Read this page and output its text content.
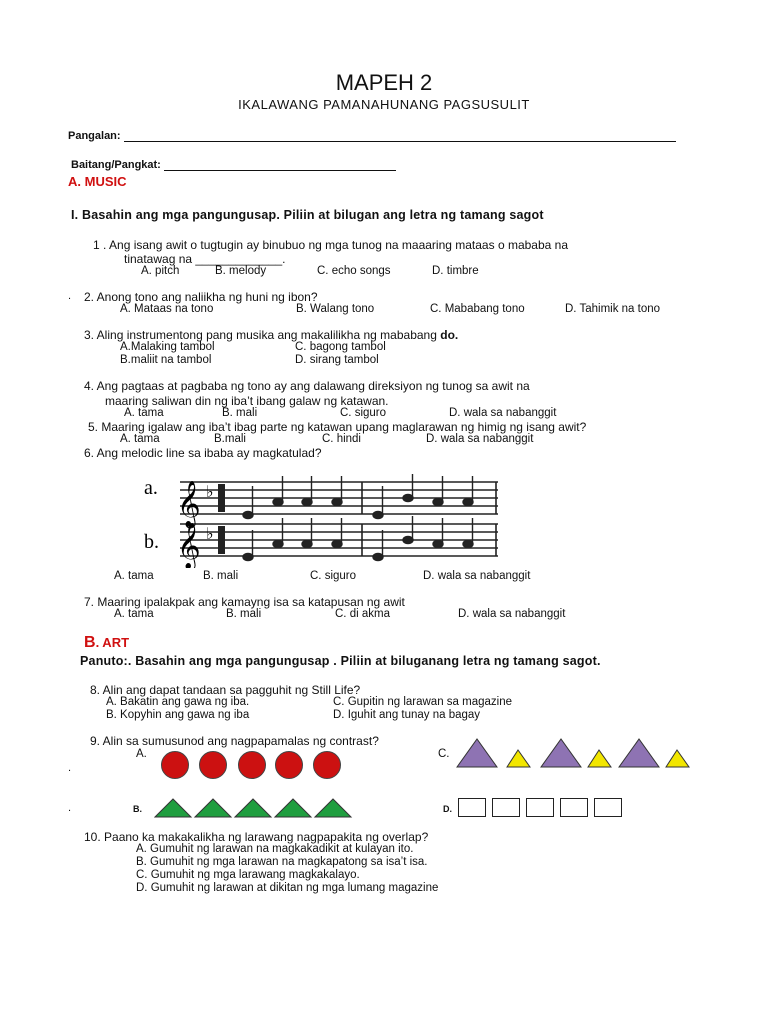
MAPEH 2
IKALAWANG PAMANAHUNANG PAGSUSULIT
Pangalan:
Baitang/Pangkat:
A. MUSIC
I. Basahin ang mga pangungusap. Piliin at bilugan ang letra ng tamang sagot
1 . Ang isang awit o tugtugin ay binubuo ng mga tunog na maaaring mataas o mababa na
tinatawag na _____________.
A. pitch	B. melody	C. echo songs	D. timbre
. 2. Anong tono ang naliikha ng huni ng ibon?
A. Mataas na tono	B. Walang tono	C. Mababang tono	D. Tahimik na tono
3. Aling instrumentong pang musika ang makalilikha ng mababang do.
A.Malaking tambol	C. bagong tambol
B.maliit na tambol	D. sirang tambol
4. Ang pagtaas at pagbaba ng tono ay ang dalawang direksiyon ng tunog sa awit na
maaring saliwan din ng iba’t ibang galaw ng katawan.
A. tama	B. mali	C. siguro	D. wala sa nabanggit
5. Maaring igalaw ang iba’t ibag parte ng katawan upang maglarawan ng himig ng isang awit?
A. tama	B.mali	C. hindi	D. wala sa nabanggit
6. Ang melodic line sa ibaba ay magkatulad?
a.
b.
𝄞
𝄞
♭
♭
A. tama	B. mali	C. siguro	D. wala sa nabanggit
7. Maaring ipalakpak ang kamayng isa sa katapusan ng awit
A. tama	B. mali	C. di akma	D. wala sa nabanggit
B. ART
Panuto:. Basahin ang mga pangungusap . Piliin at biluganang letra ng tamang sagot.
8. Alin ang dapat tandaan sa pagguhit ng Still Life?
A. Bakatin ang gawa ng iba.	C. Gupitin ng larawan sa magazine
B. Kopyhin ang gawa ng iba	D. Iguhit ang tunay na bagay
9. Alin sa sumusunod ang nagpapamalas ng contrast?
A.	C.
.
.	B.	D.
10. Paano ka makakalikha ng larawang nagpapakita ng overlap?
A. Gumuhit ng larawan na magkakadikit at kulayan ito.
B. Gumuhit ng mga larawan na magkapatong sa isa’t isa.
C. Gumuhit ng mga larawang magkakalayo.
D. Gumuhit ng larawan at dikitan ng mga lumang magazine
